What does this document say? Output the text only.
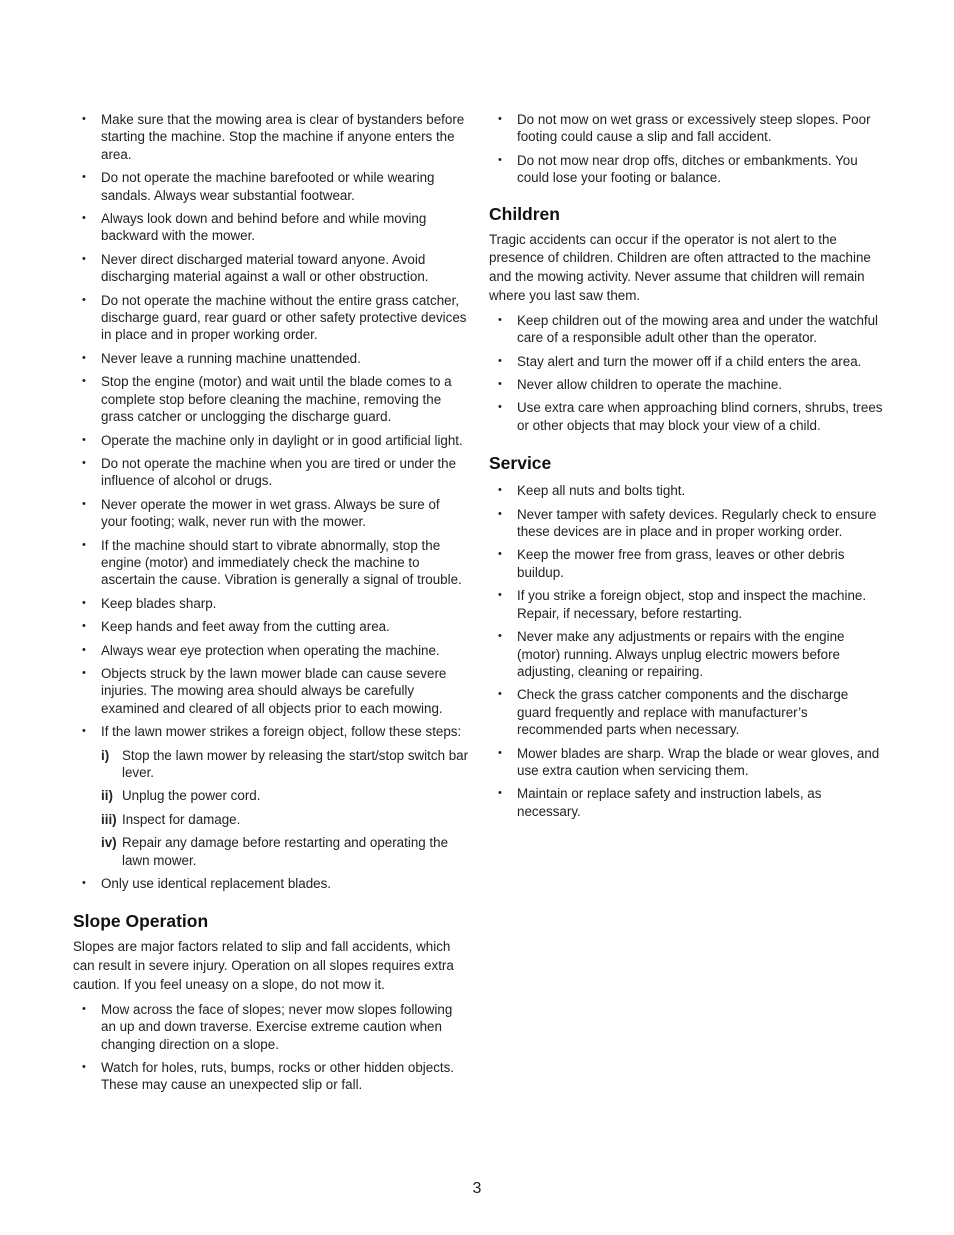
• Make sure that the mowing area is clear of bystanders before starting the machine. Stop the machine if anyone enters the area.
• Do not operate the machine barefooted or while wearing sandals. Always wear substantial footwear.
• Always look down and behind before and while moving backward with the mower.
• Never direct discharged material toward anyone. Avoid discharging material against a wall or other obstruction.
• Do not operate the machine without the entire grass catcher, discharge guard, rear guard or other safety protective devices in place and in proper working order.
• Never leave a running machine unattended.
• Stop the engine (motor) and wait until the blade comes to a complete stop before cleaning the machine, removing the grass catcher or unclogging the discharge guard.
• Operate the machine only in daylight or in good artificial light.
• Do not operate the machine when you are tired or under the influence of alcohol or drugs.
• Never operate the mower in wet grass. Always be sure of your footing; walk, never run with the mower.
• If the machine should start to vibrate abnormally, stop the engine (motor) and immediately check the machine to ascertain the cause. Vibration is generally a signal of trouble.
• Keep blades sharp.
• Keep hands and feet away from the cutting area.
• Always wear eye protection when operating the machine.
• Objects struck by the lawn mower blade can cause severe injuries. The mowing area should always be carefully examined and cleared of all objects prior to each mowing.
• If the lawn mower strikes a foreign object, follow these steps:
i) Stop the lawn mower by releasing the start/stop switch bar lever.
ii) Unplug the power cord.
iii) Inspect for damage.
iv) Repair any damage before restarting and operating the lawn mower.
• Only use identical replacement blades.
Slope Operation

Slopes are major factors related to slip and fall accidents, which can result in severe injury. Operation on all slopes requires extra caution. If you feel uneasy on a slope, do not mow it.

• Mow across the face of slopes; never mow slopes following an up and down traverse. Exercise extreme caution when changing direction on a slope.
• Watch for holes, ruts, bumps, rocks or other hidden objects. These may cause an unexpected slip or fall.
• Do not mow on wet grass or excessively steep slopes. Poor footing could cause a slip and fall accident.
• Do not mow near drop offs, ditches or embankments. You could lose your footing or balance.
Children

Tragic accidents can occur if the operator is not alert to the presence of children. Children are often attracted to the machine and the mowing activity. Never assume that children will remain where you last saw them.

• Keep children out of the mowing area and under the watchful care of a responsible adult other than the operator.
• Stay alert and turn the mower off if a child enters the area.
• Never allow children to operate the machine.
• Use extra care when approaching blind corners, shrubs, trees or other objects that may block your view of a child.
Service
• Keep all nuts and bolts tight.
• Never tamper with safety devices. Regularly check to ensure these devices are in place and in proper working order.
• Keep the mower free from grass, leaves or other debris buildup.
• If you strike a foreign object, stop and inspect the machine. Repair, if necessary, before restarting.
• Never make any adjustments or repairs with the engine (motor) running. Always unplug electric mowers before adjusting, cleaning or repairing.
• Check the grass catcher components and the discharge guard frequently and replace with manufacturer’s recommended parts when necessary.
• Mower blades are sharp. Wrap the blade or wear gloves, and use extra caution when servicing them.
• Maintain or replace safety and instruction labels, as necessary.
3
